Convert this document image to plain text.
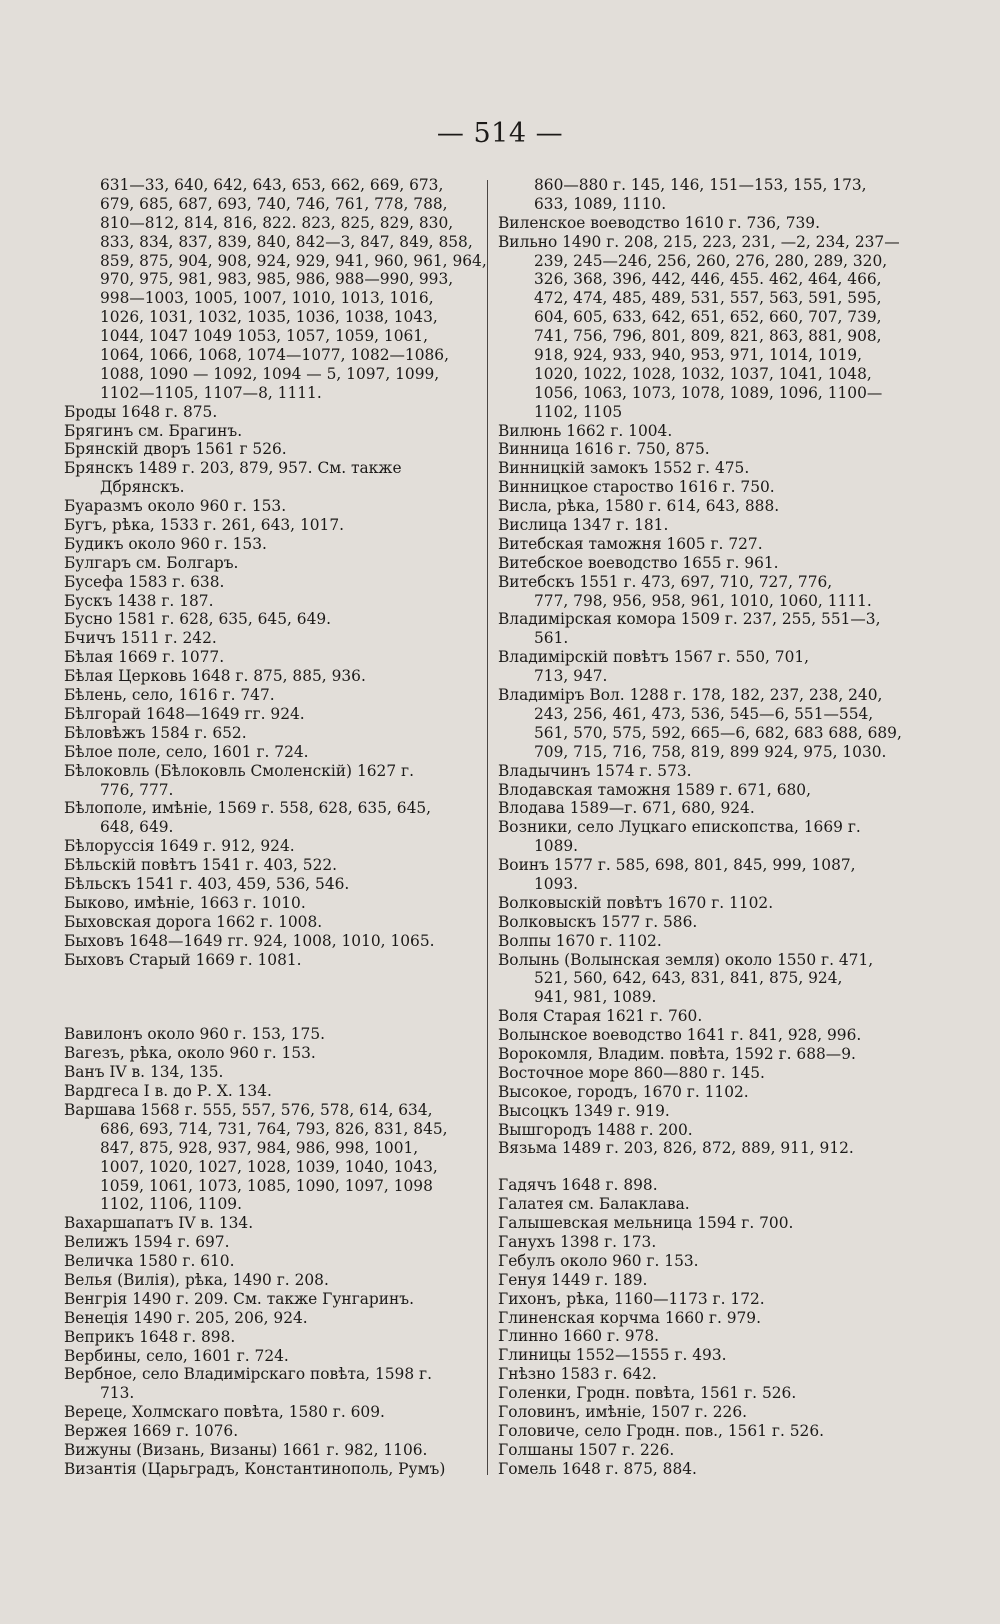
— 514 —
631—33, 640, 642, 643, 653, 662, 669, 673,
679, 685, 687, 693, 740, 746, 761, 778, 788,
810—812, 814, 816, 822. 823, 825, 829, 830,
833, 834, 837, 839, 840, 842—3, 847, 849, 858,
859, 875, 904, 908, 924, 929, 941, 960, 961, 964,
970, 975, 981, 983, 985, 986, 988—990, 993,
998—1003, 1005, 1007, 1010, 1013, 1016,
1026, 1031, 1032, 1035, 1036, 1038, 1043,
1044, 1047 1049 1053, 1057, 1059, 1061,
1064, 1066, 1068, 1074—1077, 1082—1086,
1088, 1090 — 1092, 1094 — 5, 1097, 1099,
1102—1105, 1107—8, 1111.
Броды 1648 г. 875.
Брягинъ см. Брагинъ.
Брянскій дворъ 1561 г 526.
Брянскъ 1489 г. 203, 879, 957. См. также
Дбрянскъ.
Буаразмъ около 960 г. 153.
Бугъ, рѣка, 1533 г. 261, 643, 1017.
Будикъ около 960 г. 153.
Булгаръ см. Болгаръ.
Бусефа 1583 г. 638.
Бускъ 1438 г. 187.
Бусно 1581 г. 628, 635, 645, 649.
Бчичъ 1511 г. 242.
Бѣлая 1669 г. 1077.
Бѣлая Церковь 1648 г. 875, 885, 936.
Бѣлень, село, 1616 г. 747.
Бѣлгорай 1648—1649 гг. 924.
Бѣловѣжъ 1584 г. 652.
Бѣлое поле, село, 1601 г. 724.
Бѣлоковль (Бѣлоковль Смоленскій) 1627 г.
776, 777.
Бѣлополе, имѣніе, 1569 г. 558, 628, 635, 645,
648, 649.
Бѣлоруссія 1649 г. 912, 924.
Бѣльскій повѣтъ 1541 г. 403, 522.
Бѣльскъ 1541 г. 403, 459, 536, 546.
Быково, имѣніе, 1663 г. 1010.
Быховская дорога 1662 г. 1008.
Быховъ 1648—1649 гг. 924, 1008, 1010, 1065.
Быховъ Старый 1669 г. 1081.
Вавилонъ около 960 г. 153, 175.
Вагезъ, рѣка, около 960 г. 153.
Ванъ IV в. 134, 135.
Вардгеса I в. до Р. Х. 134.
Варшава 1568 г. 555, 557, 576, 578, 614, 634,
686, 693, 714, 731, 764, 793, 826, 831, 845,
847, 875, 928, 937, 984, 986, 998, 1001,
1007, 1020, 1027, 1028, 1039, 1040, 1043,
1059, 1061, 1073, 1085, 1090, 1097, 1098
1102, 1106, 1109.
Вахаршапатъ IV в. 134.
Велижъ 1594 г. 697.
Величка 1580 г. 610.
Велья (Вилія), рѣка, 1490 г. 208.
Венгрія 1490 г. 209. См. также Гунгаринъ.
Венеція 1490 г. 205, 206, 924.
Веприкъ 1648 г. 898.
Вербины, село, 1601 г. 724.
Вербное, село Владимірскаго повѣта, 1598 г.
713.
Верецe, Холмскаго повѣта, 1580 г. 609.
Вержея 1669 г. 1076.
Вижуны (Визань, Визаны) 1661 г. 982, 1106.
Византія (Царьградъ, Константинополь, Румъ)
860—880 г. 145, 146, 151—153, 155, 173,
633, 1089, 1110.
Виленское воеводство 1610 г. 736, 739.
Вильно 1490 г. 208, 215, 223, 231, —2, 234, 237—
239, 245—246, 256, 260, 276, 280, 289, 320,
326, 368, 396, 442, 446, 455. 462, 464, 466,
472, 474, 485, 489, 531, 557, 563, 591, 595,
604, 605, 633, 642, 651, 652, 660, 707, 739,
741, 756, 796, 801, 809, 821, 863, 881, 908,
918, 924, 933, 940, 953, 971, 1014, 1019,
1020, 1022, 1028, 1032, 1037, 1041, 1048,
1056, 1063, 1073, 1078, 1089, 1096, 1100—
1102, 1105
Вилюнь 1662 г. 1004.
Винница 1616 г. 750, 875.
Винницкій замокъ 1552 г. 475.
Винницкое староство 1616 г. 750.
Висла, рѣка, 1580 г. 614, 643, 888.
Вислица 1347 г. 181.
Витебская таможня 1605 г. 727.
Витебское воеводство 1655 г. 961.
Витебскъ 1551 г. 473, 697, 710, 727, 776,
777, 798, 956, 958, 961, 1010, 1060, 1111.
Владимірская комора 1509 г. 237, 255, 551—3,
561.
Владимірскій повѣтъ 1567 г. 550, 701,
713, 947.
Владиміръ Вол. 1288 г. 178, 182, 237, 238, 240,
243, 256, 461, 473, 536, 545—6, 551—554,
561, 570, 575, 592, 665—6, 682, 683 688, 689,
709, 715, 716, 758, 819, 899 924, 975, 1030.
Владычинъ 1574 г. 573.
Влодавская таможня 1589 г. 671, 680,
Влодава 1589—г. 671, 680, 924.
Возники, село Луцкаго епископства, 1669 г.
1089.
Воинъ 1577 г. 585, 698, 801, 845, 999, 1087,
1093.
Волковыскій повѣтъ 1670 г. 1102.
Волковыскъ 1577 г. 586.
Волпы 1670 г. 1102.
Волынь (Волынская земля) около 1550 г. 471,
521, 560, 642, 643, 831, 841, 875, 924,
941, 981, 1089.
Воля Старая 1621 г. 760.
Волынское воеводство 1641 г. 841, 928, 996.
Ворокомля, Владим. повѣта, 1592 г. 688—9.
Восточное море 860—880 г. 145.
Высокое, городъ, 1670 г. 1102.
Высоцкъ 1349 г. 919.
Вышгородъ 1488 г. 200.
Вязьма 1489 г. 203, 826, 872, 889, 911, 912.
Гадячъ 1648 г. 898.
Галатея см. Балаклава.
Галышевская мельница 1594 г. 700.
Ганухъ 1398 г. 173.
Гебулъ около 960 г. 153.
Генуя 1449 г. 189.
Гихонъ, рѣка, 1160—1173 г. 172.
Глиненская корчма 1660 г. 979.
Глинно 1660 г. 978.
Глиницы 1552—1555 г. 493.
Гнѣзно 1583 г. 642.
Голенки, Гродн. повѣта, 1561 г. 526.
Головинъ, имѣніе, 1507 г. 226.
Головиче, село Гродн. пов., 1561 г. 526.
Голшаны 1507 г. 226.
Гомель 1648 г. 875, 884.
